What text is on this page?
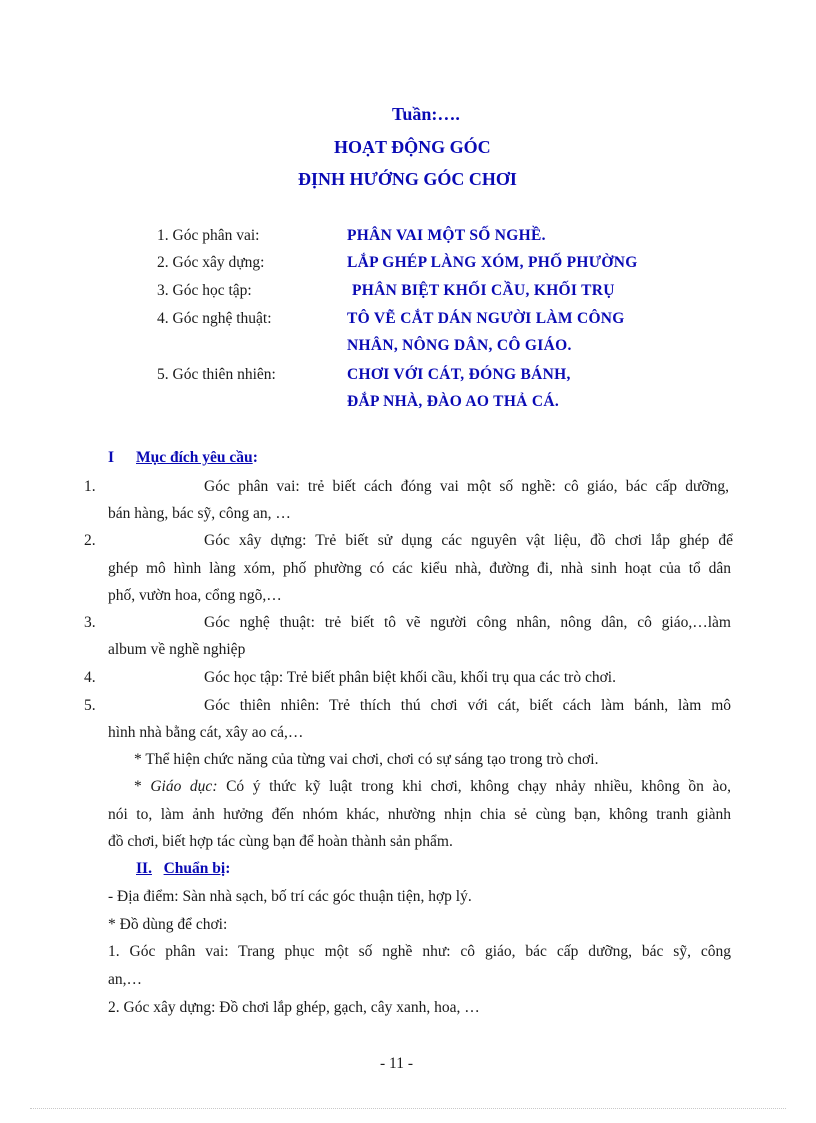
Tuần:….
HOẠT ĐỘNG GÓC
ĐỊNH HƯỚNG GÓC CHƠI
1. Góc phân vai:	PHÂN VAI MỘT SỐ NGHỀ.
2. Góc xây dựng:	LẮP GHÉP LÀNG XÓM, PHỐ PHƯỜNG
3. Góc học tập:	PHÂN BIỆT KHỐI CẦU, KHỐI TRỤ
4. Góc nghệ thuật:	TÔ VẼ CẮT DÁN NGƯỜI LÀM CÔNG
NHÂN, NÔNG DÂN, CÔ GIÁO.
5. Góc thiên nhiên:	CHƠI VỚI CÁT, ĐÓNG BÁNH,
ĐẮP NHÀ, ĐÀO AO THẢ CÁ.
I Mục đích yêu cầu:
1.	Góc phân vai: trẻ biết cách đóng vai một số nghề: cô giáo, bác cấp dưỡng,
bán hàng, bác sỹ, công an, …
2.	Góc xây dựng: Trẻ biết sử dụng các nguyên vật liệu, đồ chơi lắp ghép để
ghép mô hình làng xóm, phố phường có các kiểu nhà, đường đi, nhà sinh hoạt của tổ dân
phố, vườn hoa, cổng ngõ,…
3.	Góc nghệ thuật: trẻ biết tô vẽ người công nhân, nông dân, cô giáo,…làm
album về nghề nghiệp
4.	Góc học tập: Trẻ biết phân biệt khối cầu, khối trụ qua các trò chơi.
5.	Góc thiên nhiên: Trẻ thích thú chơi với cát, biết cách làm bánh, làm mô
hình nhà bằng cát, xây ao cá,…
* Thể hiện chức năng của từng vai chơi, chơi có sự sáng tạo trong trò chơi.
* Giáo dục: Có ý thức kỹ luật trong khi chơi, không chạy nhảy nhiều, không ồn ào,
nói to, làm ảnh hưởng đến nhóm khác, nhường nhịn chia sẻ cùng bạn, không tranh giành
đồ chơi, biết hợp tác cùng bạn để hoàn thành sản phẩm.
II. Chuẩn bị:
- Địa điểm: Sàn nhà sạch, bố trí các góc thuận tiện, hợp lý.
* Đồ dùng để chơi:
1. Góc phân vai: Trang phục một số nghề như: cô giáo, bác cấp dưỡng, bác sỹ, công
an,…
2. Góc xây dựng: Đồ chơi lắp ghép, gạch, cây xanh, hoa, …
- 11 -
